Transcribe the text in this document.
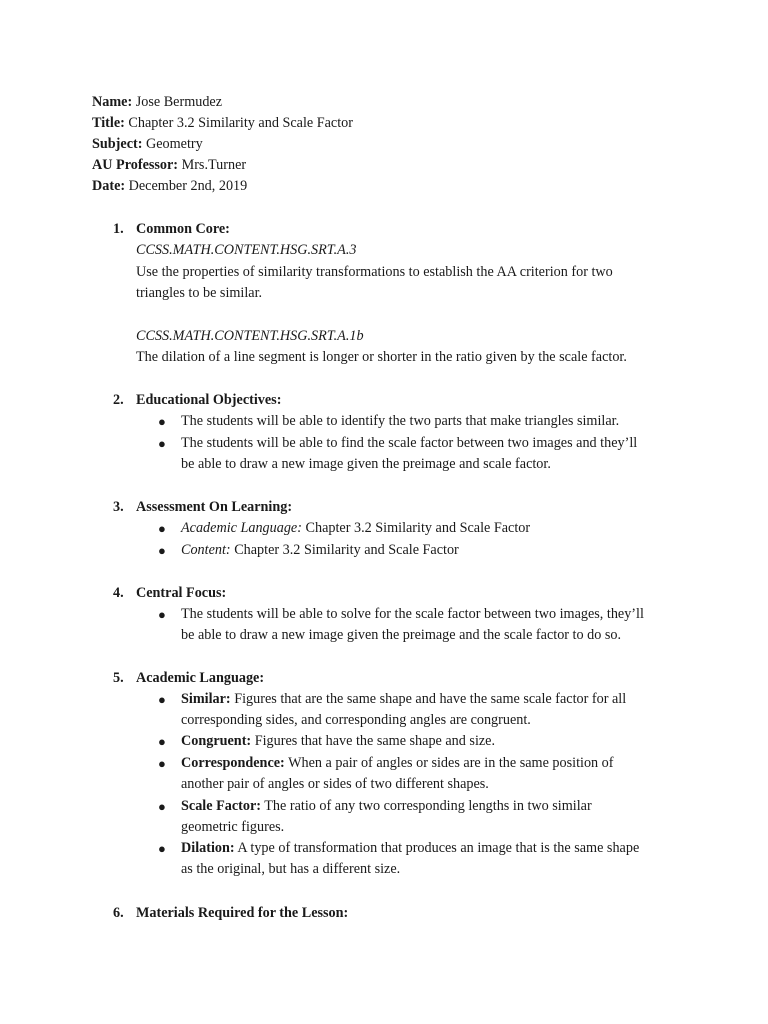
Name: Jose Bermudez
Title: Chapter 3.2 Similarity and Scale Factor
Subject: Geometry
AU Professor: Mrs.Turner
Date: December 2nd, 2019
1. Common Core:
CCSS.MATH.CONTENT.HSG.SRT.A.3
Use the properties of similarity transformations to establish the AA criterion for two
triangles to be similar.
CCSS.MATH.CONTENT.HSG.SRT.A.1b
The dilation of a line segment is longer or shorter in the ratio given by the scale factor.
2. Educational Objectives:
● The students will be able to identify the two parts that make triangles similar.
● The students will be able to find the scale factor between two images and they’ll
be able to draw a new image given the preimage and scale factor.
3. Assessment On Learning:
● Academic Language: Chapter 3.2 Similarity and Scale Factor
● Content: Chapter 3.2 Similarity and Scale Factor
4. Central Focus:
● The students will be able to solve for the scale factor between two images, they’ll
be able to draw a new image given the preimage and the scale factor to do so.
5. Academic Language:
● Similar: Figures that are the same shape and have the same scale factor for all
corresponding sides, and corresponding angles are congruent.
● Congruent: Figures that have the same shape and size.
● Correspondence: When a pair of angles or sides are in the same position of
another pair of angles or sides of two different shapes.
● Scale Factor: The ratio of any two corresponding lengths in two similar
geometric figures.
● Dilation: A type of transformation that produces an image that is the same shape
as the original, but has a different size.
6. Materials Required for the Lesson:
